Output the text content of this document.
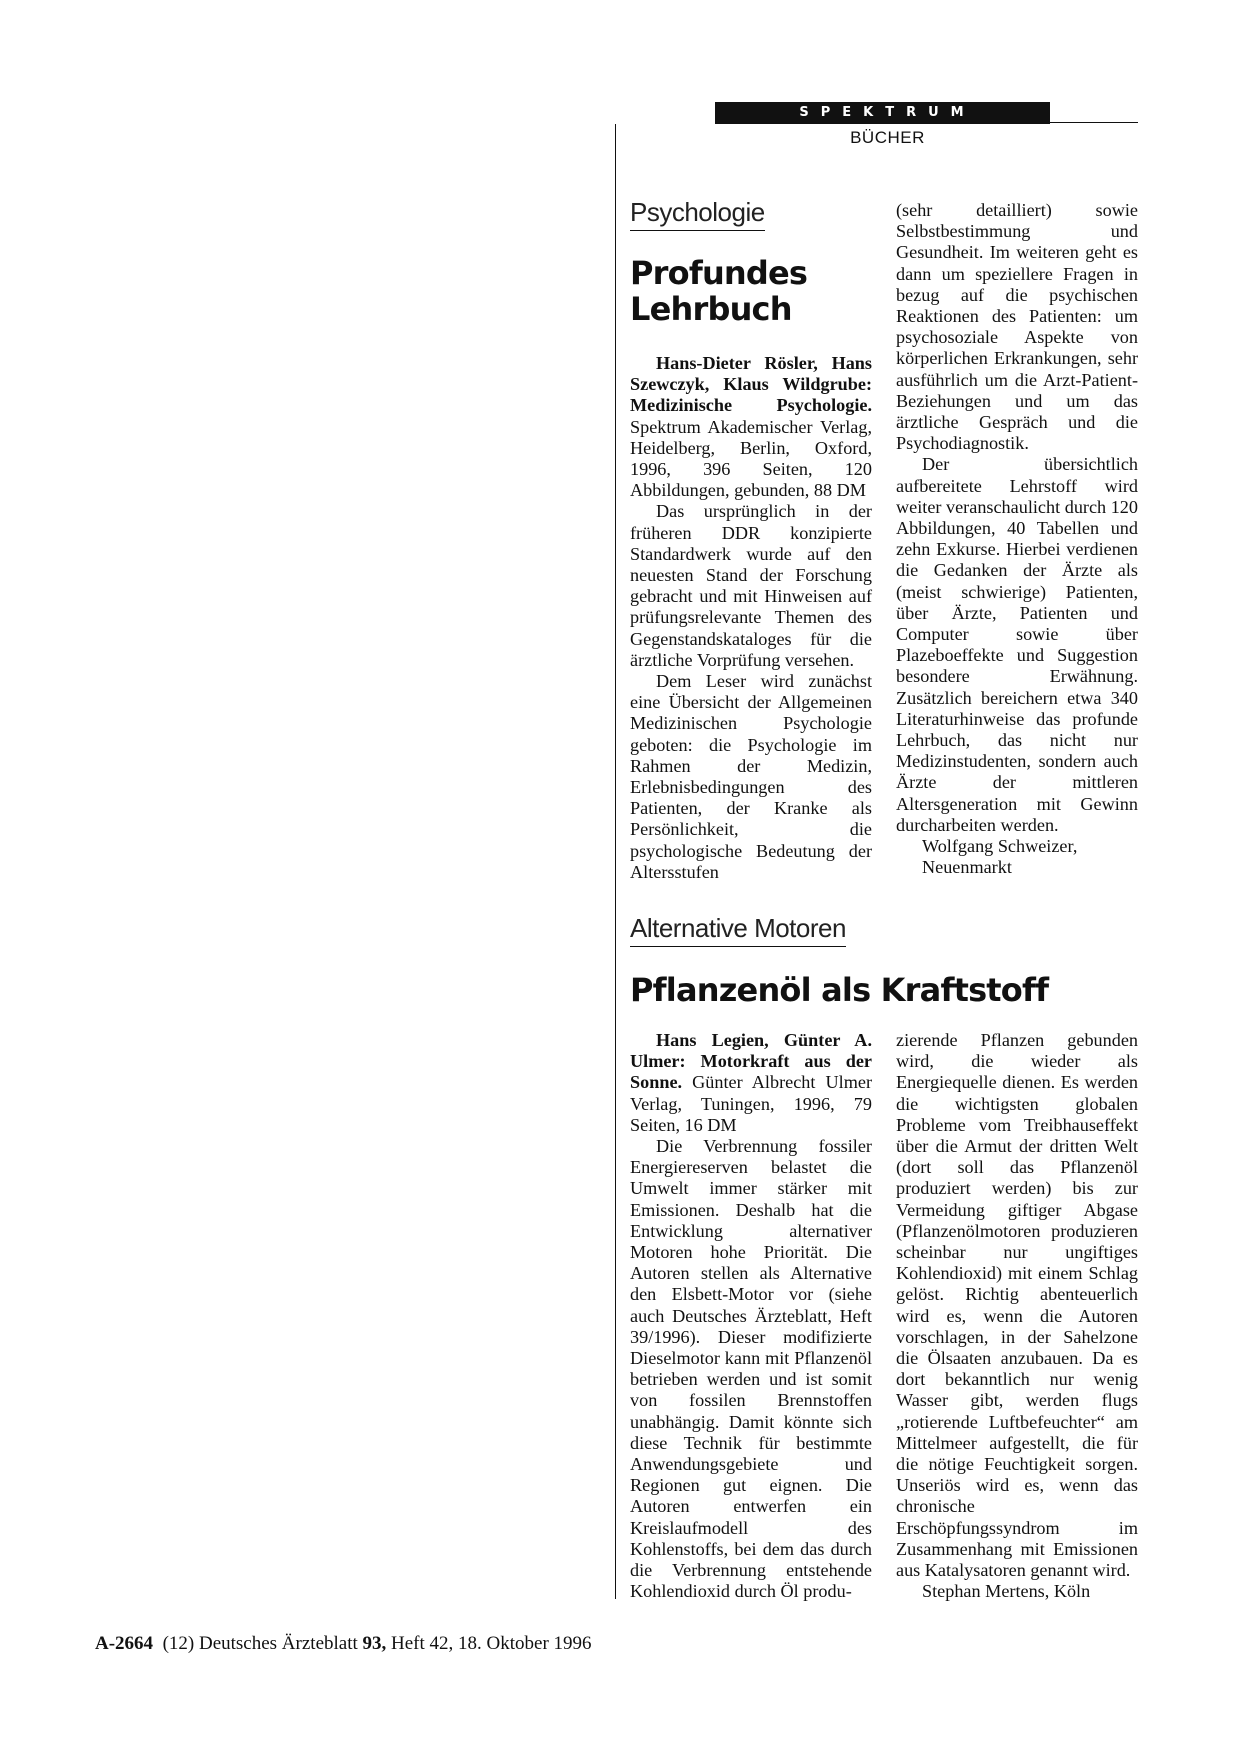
SPEKTRUM
BÜCHER
Psychologie
Profundes
Lehrbuch

Hans-Dieter Rösler, Hans Szewczyk, Klaus Wildgrube: Medizinische Psychologie. Spektrum Akademischer Verlag, Heidelberg, Berlin, Oxford, 1996, 396 Seiten, 120 Abbildungen, gebunden, 88 DM

Das ursprünglich in der früheren DDR konzipierte Standardwerk wurde auf den neuesten Stand der Forschung gebracht und mit Hinweisen auf prüfungsrelevante Themen des Gegenstandskataloges für die ärztliche Vorprüfung versehen.

Dem Leser wird zunächst eine Übersicht der Allgemeinen Medizinischen Psychologie geboten: die Psychologie im Rahmen der Medizin, Erlebnisbedingungen des Patienten, der Kranke als Persönlichkeit, die psychologische Bedeutung der Altersstufen

(sehr detailliert) sowie Selbstbestimmung und Gesundheit. Im weiteren geht es dann um speziellere Fragen in bezug auf die psychischen Reaktionen des Patienten: um psychosoziale Aspekte von körperlichen Erkrankungen, sehr ausführlich um die Arzt-Patient-Beziehungen und um das ärztliche Gespräch und die Psychodiagnostik.

Der übersichtlich aufbereitete Lehrstoff wird weiter veranschaulicht durch 120 Abbildungen, 40 Tabellen und zehn Exkurse. Hierbei verdienen die Gedanken der Ärzte als (meist schwierige) Patienten, über Ärzte, Patienten und Computer sowie über Plazeboeffekte und Suggestion besondere Erwähnung. Zusätzlich bereichern etwa 340 Literaturhinweise das profunde Lehrbuch, das nicht nur Medizinstudenten, sondern auch Ärzte der mittleren Altersgeneration mit Gewinn durcharbeiten werden.

Wolfgang Schweizer,

Neuenmarkt

Alternative Motoren
Pflanzenöl als Kraftstoff

Hans Legien, Günter A. Ulmer: Motorkraft aus der Sonne. Günter Albrecht Ulmer Verlag, Tuningen, 1996, 79 Seiten, 16 DM

Die Verbrennung fossiler Energiereserven belastet die Umwelt immer stärker mit Emissionen. Deshalb hat die Entwicklung alternativer Motoren hohe Priorität. Die Autoren stellen als Alternative den Elsbett-Motor vor (siehe auch Deutsches Ärzteblatt, Heft 39/1996). Dieser modifizierte Dieselmotor kann mit Pflanzenöl betrieben werden und ist somit von fossilen Brennstoffen unabhängig. Damit könnte sich diese Technik für bestimmte Anwendungsgebiete und Regionen gut eignen. Die Autoren entwerfen ein Kreislaufmodell des Kohlenstoffs, bei dem das durch die Verbrennung entstehende Kohlendioxid durch Öl produ-

zierende Pflanzen gebunden wird, die wieder als Energiequelle dienen. Es werden die wichtigsten globalen Probleme vom Treibhauseffekt über die Armut der dritten Welt (dort soll das Pflanzenöl produziert werden) bis zur Vermeidung giftiger Abgase (Pflanzenölmotoren produzieren scheinbar nur ungiftiges Kohlendioxid) mit einem Schlag gelöst. Richtig abenteuerlich wird es, wenn die Autoren vorschlagen, in der Sahelzone die Ölsaaten anzubauen. Da es dort bekanntlich nur wenig Wasser gibt, werden flugs „rotierende Luftbefeuchter“ am Mittelmeer aufgestellt, die für die nötige Feuchtigkeit sorgen. Unseriös wird es, wenn das chronische Erschöpfungssyndrom im Zusammenhang mit Emissionen aus Katalysatoren genannt wird.

Stephan Mertens, Köln

A-2664  (12) Deutsches Ärzteblatt 93, Heft 42, 18. Oktober 1996
